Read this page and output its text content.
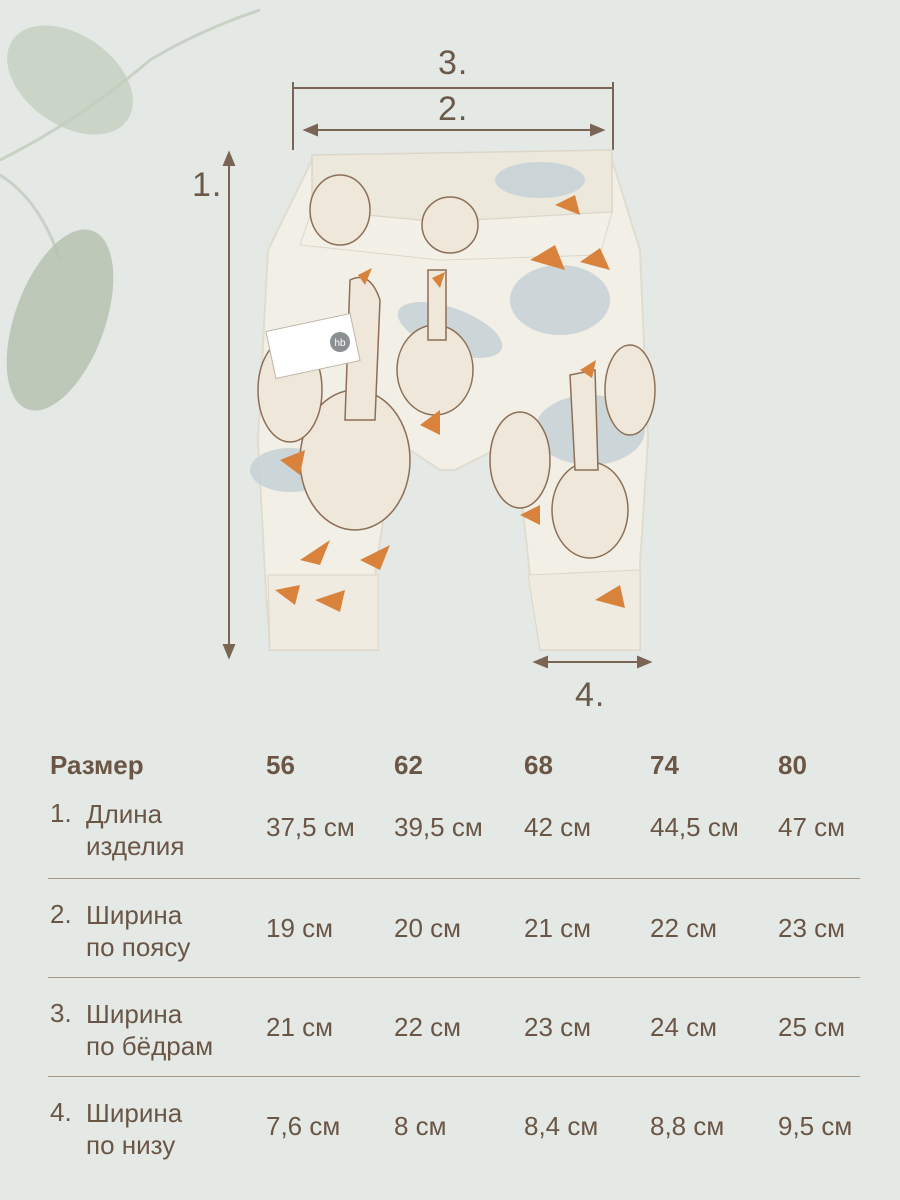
hb
3.
2.
1.
4.
Размер	56	62	68	74	80
1. Длина
изделия
37,5 см 39,5 см 42 см 44,5 см 47 см
2. Ширина
по поясу
19 см 20 см 21 см 22 см 23 см
3. Ширина
по бёдрам
21 см 22 см 23 см 24 см 25 см
4. Ширина
по низу
7,6 см 8 см	8,4 см 8,8 см 9,5 см
